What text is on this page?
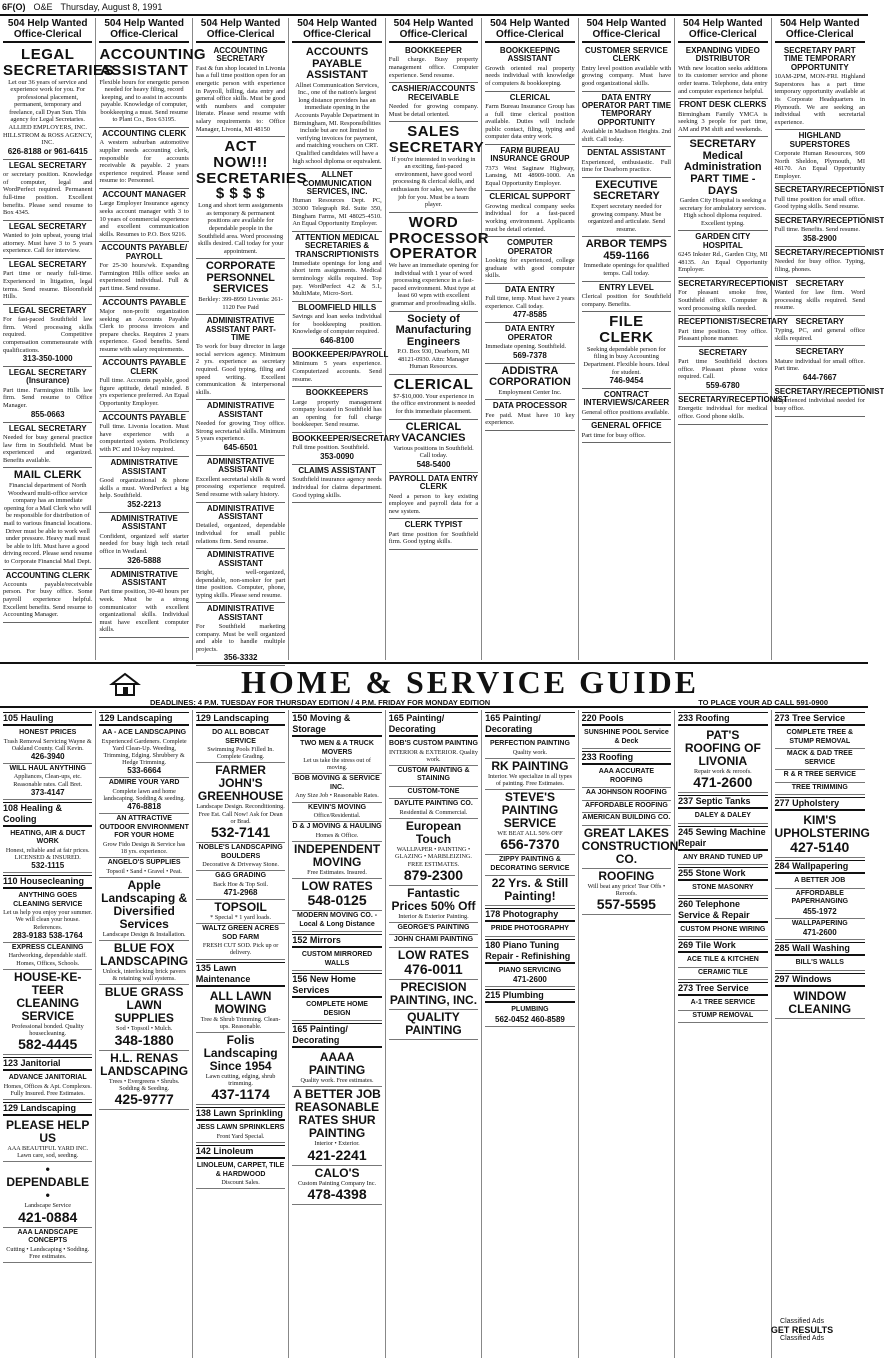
6F(O) O&E Thursday, August 8, 1991
504 Help Wanted Office-Clerical
LEGAL SECRETARIES
Let our 36 years of service and experience work for you. For professional placement, permanent, temporary and freelance, call Dyan Sun. This agency for Legal Secretaries. ALLIED EMPLOYERS, INC. HILLSTROM & ROSS AGENCY, INC.
626-8188 or 961-6415
LEGAL SECRETARY
or secretary position. Knowledge of computer, legal and WordPerfect required. Permanent full-time position. Excellent benefits. Please send resume to Box 4345.
LEGAL SECRETARY
Wanted to join upbeat, young trial attorney. Must have 3 to 5 years experience. Call for interview.
LEGAL SECRETARY
Part time or nearly full-time. Experienced in litigation, legal terms. Send resume. Bloomfield Hills.
LEGAL SECRETARY
For fast-paced Southfield law firm. Word processing skills required. Competitive compensation commensurate with qualifications.
313-350-1000
LEGAL SECRETARY (Insurance)
Part time. Farmington Hills law firm. Send resume to Office Manager.
855-0663
LEGAL SECRETARY
Needed for busy general practice law firm in Southfield. Must be experienced and organized. Benefits available.
MAIL CLERK
Financial department of North Woodward multi-office service company has an immediate opening for a Mail Clerk who will be responsible for distribution of mail to various financial locations. Driver must be able to work well under pressure. Heavy mail must be able to lift. Must have a good driving record. Please send resume to Corporate Financial Mail Dept.
ACCOUNTING CLERK
Accounts payable/receivable person. For busy office. Some payroll experience helpful. Excellent benefits. Send resume to Accounting Manager.
504 Help Wanted Office-Clerical
ACCOUNTING ASSISTANT
Flexible hours for energetic person needed for heavy filing, record keeping, and to assist in accounts payable. Knowledge of computer, bookkeeping a must. Send resume to Plant Co., Box 63195.
ACCOUNTING CLERK
A western suburban automotive supplier needs accounting clerk, responsible for accounts receivable & payable. 2 years experience required. Please send resume to: Personnel.
ACCOUNT MANAGER
Large Employer Insurance agency seeks account manager with 3 to 10 years of commercial experience and excellent communication skills. Resumes to P.O. Box 9216.
ACCOUNTS PAYABLE/ PAYROLL
For 25-30 hours/wk. Expanding Farmington Hills office seeks an experienced individual. Full & part time. Send resume.
ACCOUNTS PAYABLE
Major non-profit organization seeking an Accounts Payable Clerk to process invoices and prepare checks. Requires 2 years experience. Good benefits. Send resume with salary requirements.
ACCOUNTS PAYABLE CLERK
Full time. Accounts payable, good figure aptitude, detail minded. 8 yrs experience preferred. An Equal Opportunity Employer.
ACCOUNTS PAYABLE
Full time. Livonia location. Must have experience with a computerized system. Proficiency with PC and 10-key required.
ADMINISTRATIVE ASSISTANT
Good organizational & phone skills a must. WordPerfect a big help. Southfield.
352-2213
ADMINISTRATIVE ASSISTANT
Confident, organized self starter needed for busy high tech retail office in Westland.
326-5888
ADMINISTRATIVE ASSISTANT
Part time position, 30-40 hours per week. Must be a strong communicator with excellent organizational skills. Individual must have excellent computer skills.
504 Help Wanted Office-Clerical
ACCOUNTING SECRETARY
Fast & fun shop located in Livonia has a full time position open for an energetic person with experience in Payroll, billing, data entry and general office skills. Must be good with numbers and computer literate. Please send resume with salary requirements to: Office Manager, Livonia, MI 48150
ACT NOW!!! SECRETARIES $ $ $ $
Long and short term assignments as temporary & permanent positions are available for dependable people in the Southfield area. Word processing skills desired. Call today for your appointment.
CORPORATE PERSONNEL SERVICES
Berkley: 399-8950 Livonia: 261-1120 Fee Paid
ADMINISTRATIVE ASSISTANT PART-TIME
To work for busy director in large social services agency. Minimum 2 yrs. experience as secretary required. Good typing, filing and speed writing. Excellent communication & interpersonal skills.
ADMINISTRATIVE ASSISTANT
Needed for growing Troy office. Strong secretarial skills. Minimum 5 years experience.
645-6501
ADMINISTRATIVE ASSISTANT
Excellent secretarial skills & word processing experience required. Send resume with salary history.
ADMINISTRATIVE ASSISTANT
Detailed, organized, dependable individual for small public relations firm. Send resume.
ADMINISTRATIVE ASSISTANT
Bright, well-organized, dependable, non-smoker for part time position. Computer, phone, typing skills. Please send resume.
ADMINISTRATIVE ASSISTANT
For Southfield marketing company. Must be well organized and able to handle multiple projects.
356-3332
504 Help Wanted Office-Clerical
ACCOUNTS PAYABLE ASSISTANT
Allnet Communication Services, Inc., one of the nation's largest long distance providers has an immediate opening in the Accounts Payable Department in Birmingham, MI. Responsibilities include but are not limited to verifying invoices for payment, and matching vouchers on CRT. Qualified candidates will have a high school diploma or equivalent.
ALLNET COMMUNICATION SERVICES, INC.
Human Resources Dept. PC, 30300 Telegraph Rd. Suite 350, Bingham Farms, MI 48025-4510. An Equal Opportunity Employer.
ATTENTION MEDICAL SECRETARIES & TRANSCRIPTIONISTS
Immediate openings for long and short term assignments. Medical terminology skills required. Top pay. WordPerfect 4.2 & 5.1, MultiMate, Micro-Sort.
BLOOMFIELD HILLS
Savings and loan seeks individual for bookkeeping position. Knowledge of computer required.
646-8100
BOOKKEEPER/PAYROLL
Minimum 5 years experience. Computerized accounts. Send resume.
BOOKKEEPERS
Large property management company located in Southfield has an opening for full charge bookkeeper. Send resume.
BOOKKEEPER/SECRETARY
Full time position. Southfield.
353-0090
CLAIMS ASSISTANT
Southfield insurance agency needs individual for claims department. Good typing skills.
504 Help Wanted Office-Clerical
BOOKKEEPER
Full charge. Busy property management office. Computer experience. Send resume.
CASHIER/ACCOUNTS RECEIVABLE
Needed for growing company. Must be detail oriented.
SALES SECRETARY
If you're interested in working in an exciting, fast-paced environment, have good word processing & clerical skills, and enthusiasm for sales, we have the job for you. Must be a team player.
WORD PROCESSOR OPERATOR
We have an immediate opening for individual with 1 year of word processing experience in a fast-paced environment. Must type at least 60 wpm with excellent grammar and proofreading skills.
Society of Manufacturing Engineers
P.O. Box 930, Dearborn, MI 48121-0930. Attn: Manager Human Resources.
CLERICAL
$7-$10,000. Your experience in the office environment is needed for this immediate placement.
CLERICAL VACANCIES
Various positions in Southfield. Call today.
548-5400
PAYROLL DATA ENTRY CLERK
Need a person to key existing employee and payroll data for a new system.
CLERK TYPIST
Part time position for Southfield firm. Good typing skills.
504 Help Wanted Office-Clerical
BOOKKEEPING ASSISTANT
Growth oriented real property needs individual with knowledge of computers & bookkeeping.
CLERICAL
Farm Bureau Insurance Group has a full time clerical position available. Duties will include public contact, filing, typing and computer data entry work.
FARM BUREAU INSURANCE GROUP
7373 West Saginaw Highway, Lansing, MI 48909-1000. An Equal Opportunity Employer.
CLERICAL SUPPORT
Growing medical company seeks individual for a fast-paced working environment. Applicants must be detail oriented.
COMPUTER OPERATOR
Looking for experienced, college graduate with good computer skills.
DATA ENTRY
Full time, temp. Must have 2 years experience. Call today.
477-8585
DATA ENTRY OPERATOR
Immediate opening. Southfield.
569-7378
ADDISTRA CORPORATION
Employment Center Inc.
DATA PROCESSOR
Fee paid. Must have 10 key experience.
504 Help Wanted Office-Clerical
CUSTOMER SERVICE CLERK
Entry level position available with growing company. Must have good organizational skills.
DATA ENTRY OPERATOR PART TIME TEMPORARY OPPORTUNITY
Available in Madison Heights. 2nd shift. Call today.
DENTAL ASSISTANT
Experienced, enthusiastic. Full time for Dearborn practice.
EXECUTIVE SECRETARY
Expert secretary needed for growing company. Must be organized and articulate. Send resume.
ARBOR TEMPS 459-1166
Immediate openings for qualified temps. Call today.
ENTRY LEVEL
Clerical position for Southfield company. Benefits.
FILE CLERK
Seeking dependable person for filing in busy Accounting Department. Flexible hours. Ideal for student.
746-9454
CONTRACT INTERVIEWS/CAREER
General office positions available.
GENERAL OFFICE
Part time for busy office.
504 Help Wanted Office-Clerical
EXPANDING VIDEO DISTRIBUTOR
With new location seeks additions to its customer service and phone order teams. Telephone, data entry and computer experience helpful.
FRONT DESK CLERKS
Birmingham Family YMCA is seeking 3 people for part time, AM and PM shift and weekends.
SECRETARY Medical Administration PART TIME - DAYS
Garden City Hospital is seeking a secretary for ambulatory services. High school diploma required. Excellent typing.
GARDEN CITY HOSPITAL
6245 Inkster Rd., Garden City, MI 48135. An Equal Opportunity Employer.
SECRETARY/RECEPTIONIST
For pleasant smoke free, Southfield office. Computer & word processing skills needed.
RECEPTIONIST/SECRETARY
Part time position. Troy office. Pleasant phone manner.
SECRETARY
Part time Southfield doctors office. Pleasant phone voice required. Call.
559-6780
SECRETARY/RECEPTIONIST
Energetic individual for medical office. Good phone skills.
504 Help Wanted Office-Clerical
SECRETARY PART TIME TEMPORARY OPPORTUNITY
10AM-2PM, MON-FRI. Highland Superstores has a part time temporary opportunity available at its Corporate Headquarters in Plymouth. We are seeking an individual with secretarial experience.
HIGHLAND SUPERSTORES
Corporate Human Resources, 909 North Sheldon, Plymouth, MI 48170. An Equal Opportunity Employer.
SECRETARY/RECEPTIONIST
Full time position for small office. Good typing skills. Send resume.
SECRETARY/RECEPTIONIST
Full time. Benefits. Send resume.
358-2900
SECRETARY/RECEPTIONIST
Needed for busy office. Typing, filing, phones.
SECRETARY
Wanted for law firm. Word processing skills required. Send resume.
SECRETARY
Typing, PC, and general office skills required.
SECRETARY
Mature individual for small office. Part time.
644-7667
SECRETARY/RECEPTIONIST
Experienced individual needed for busy office.
HOME & SERVICE GUIDE
DEADLINES: 4 P.M. TUESDAY FOR THURSDAY EDITION / 4 P.M. FRIDAY FOR MONDAY EDITION	TO PLACE YOUR AD CALL 591-0900
105 Hauling
HONEST PRICES
Trash Removal Servicing Wayne & Oakland County. Call Kevin.
426-3940
WILL HAUL ANYTHING
Appliances, Clean-ups, etc. Reasonable rates. Call Bret.
373-4147
108 Healing & Cooling
HEATING, AIR & DUCT WORK
Honest, reliable and at fair prices. LICENSED & INSURED.
532-1115
110 Housecleaning
ANYTHING GOES CLEANING SERVICE
Let us help you enjoy your summer. We will clean your house. References.
283-9183 538-1764
EXPRESS CLEANING
Hardworking, dependable staff. Homes, Offices, Schools.
HOUSE-KE-TEER CLEANING SERVICE
Professional bonded. Quality housecleaning.
582-4445
123 Janitorial
ADVANCE JANITORIAL
Homes, Offices & Apt. Complexes. Fully Insured. Free Estimates.
129 Landscaping
PLEASE HELP US
AAA BEAUTIFUL YARD INC. Lawn care, sod, seeding.
• DEPENDABLE •
Landscape Service
421-0884
AAA LANDSCAPE CONCEPTS
Cutting • Landscaping • Sodding. Free estimates.
129 Landscaping
AA - ACE LANDSCAPING
Experienced Gardeners. Complete Yard Clean-Up. Weeding, Trimming, Edging. Shrubbery & Hedge Trimming.
533-6664
ADMIRE YOUR YARD
Complete lawn and home landscaping. Sodding & seeding.
476-8818
AN ATTRACTIVE OUTDOOR ENVIRONMENT FOR YOUR HOME
Grow Fido Design & Service has 18 yrs. experience.
ANGELO'S SUPPLIES
Topsoil • Sand • Gravel • Peat.
Apple Landscaping & Diversified Services
Landscape Design & Installation.
BLUE FOX LANDSCAPING
Unlock, interlocking brick pavers & retaining wall systems.
BLUE GRASS LAWN SUPPLIES
Sod • Topsoil • Mulch.
348-1880
H.L. RENAS LANDSCAPING
Trees • Evergreens • Shrubs. Sodding & Seeding.
425-9777
129 Landscaping
DO ALL BOBCAT SERVICE
Swimming Pools Filled In. Complete Grading.
FARMER JOHN'S GREENHOUSE
Landscape Design. Reconditioning. Free Est. Call Now! Ask for Dean or Brad.
532-7141
NOBLE'S LANDSCAPING BOULDERS
Decorative & Driveway Stone.
G&G GRADING
Back Hoe & Top Soil.
471-2968
TOPSOIL
* Special * 1 yard loads.
WALTZ GREEN ACRES SOD FARM
FRESH CUT SOD. Pick up or delivery.
135 Lawn Maintenance
ALL LAWN MOWING
Tree & Shrub Trimming. Clean-ups. Reasonable.
Folis Landscaping Since 1954
Lawn cutting, edging, shrub trimming.
437-1174
138 Lawn Sprinkling
JESS LAWN SPRINKLERS
Front Yard Special.
142 Linoleum
LINOLEUM, CARPET, TILE & HARDWOOD
Discount Sales.
150 Moving & Storage
TWO MEN & A TRUCK MOVERS
Let us take the stress out of moving.
BOB MOVING & SERVICE INC.
Any Size Job • Reasonable Rates.
KEVIN'S MOVING
Office/Residential.
D & J MOVING & HAULING
Homes & Office.
INDEPENDENT MOVING
Free Estimates. Insured.
LOW RATES
548-0125
MODERN MOVING CO. - Local & Long Distance
152 Mirrors
CUSTOM MIRRORED WALLS
156 New Home Services
COMPLETE HOME DESIGN
165 Painting/ Decorating
AAAA PAINTING
Quality work. Free estimates.
A BETTER JOB REASONABLE RATES SHUR PAINTING
Interior • Exterior.
421-2241
CALO'S
Custom Painting Company Inc.
478-4398
165 Painting/ Decorating
BOB'S CUSTOM PAINTING
INTERIOR & EXTERIOR. Quality work.
CUSTOM PAINTING & STAINING
CUSTOM-TONE
DAYLITE PAINTING CO.
Residential & Commercial.
European Touch
WALLPAPER • PAINTING • GLAZING • MARBLEIZING. FREE ESTIMATES.
879-2300
Fantastic Prices 50% Off
Interior & Exterior Painting.
GEORGE'S PAINTING
JOHN CHAMI PAINTING
LOW RATES
476-0011
PRECISION PAINTING, INC.
QUALITY PAINTING
165 Painting/ Decorating
PERFECTION PAINTING
Quality work.
RK PAINTING
Interior. We specialize in all types of painting. Free Estimates.
STEVE'S PAINTING SERVICE
WE BEAT ALL 50% OFF
656-7370
ZIPPY PAINTING & DECORATING SERVICE
22 Yrs. & Still Painting!
178 Photography
PRIDE PHOTOGRAPHY
180 Piano Tuning Repair - Refinishing
PIANO SERVICING
471-2600
215 Plumbing
PLUMBING
562-0452 460-8589
220 Pools
SUNSHINE POOL Service & Deck
233 Roofing
AAA ACCURATE ROOFING
AA JOHNSON ROOFING
AFFORDABLE ROOFING
AMERICAN BUILDING CO.
GREAT LAKES CONSTRUCTION CO.
ROOFING
Will beat any price! Tear Offs • Reroofs.
557-5595
233 Roofing
PAT'S ROOFING OF LIVONIA
Repair work & reroofs.
471-2600
237 Septic Tanks
DALEY & DALEY
245 Sewing Machine Repair
ANY BRAND TUNED UP
255 Stone Work
STONE MASONRY
260 Telephone Service & Repair
CUSTOM PHONE WIRING
269 Tile Work
ACE TILE & KITCHEN
CERAMIC TILE
273 Tree Service
A-1 TREE SERVICE
STUMP REMOVAL
273 Tree Service
COMPLETE TREE & STUMP REMOVAL
MACK & DAD TREE SERVICE
R & R TREE SERVICE
TREE TRIMMING
277 Upholstery
KIM'S UPHOLSTERING
427-5140
284 Wallpapering
A BETTER JOB
AFFORDABLE PAPERHANGING
455-1972
WALLPAPERING
471-2600
285 Wall Washing
BILL'S WALLS
297 Windows
WINDOW CLEANING
Classified Ads
GET RESULTS
Classified Ads
